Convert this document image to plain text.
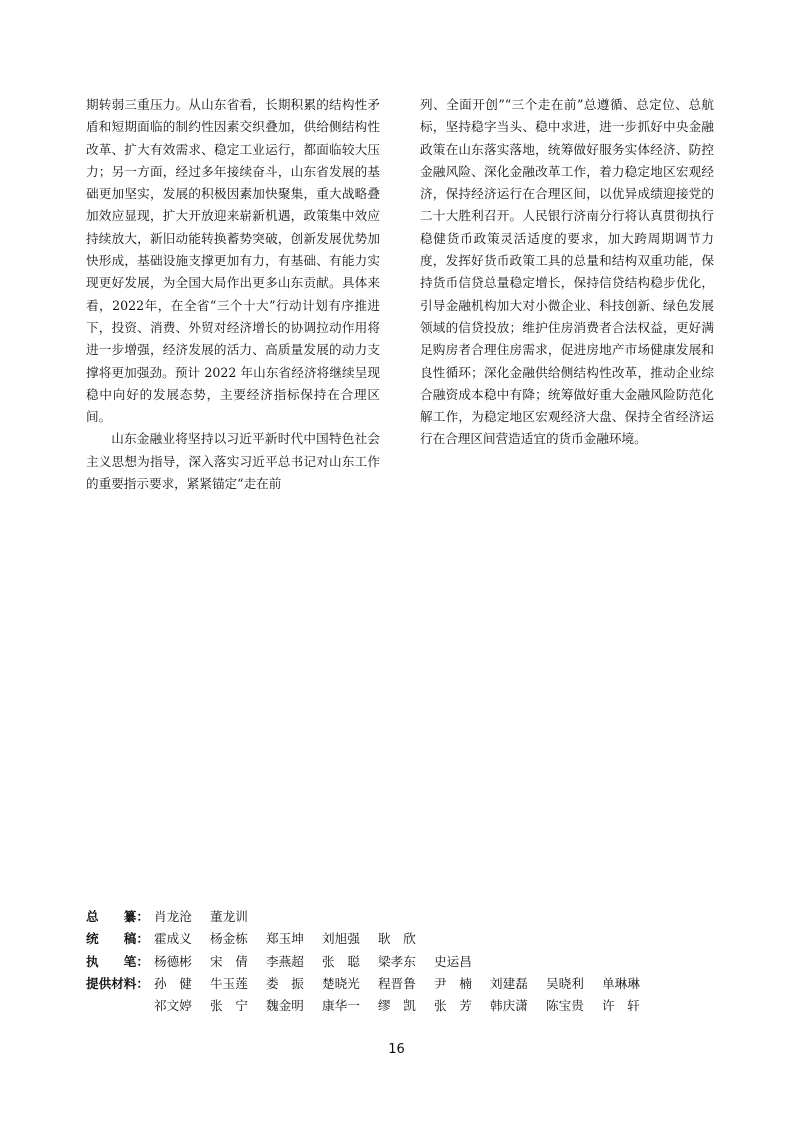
期转弱三重压力。从山东省看，长期积累的结构性矛盾和短期面临的制约性因素交织叠加，供给侧结构性改革、扩大有效需求、稳定工业运行，都面临较大压力；另一方面，经过多年接续奋斗，山东省发展的基础更加坚实，发展的积极因素加快聚集，重大战略叠加效应显现，扩大开放迎来崭新机遇，政策集中效应持续放大，新旧动能转换蓄势突破，创新发展优势加快形成，基础设施支撑更加有力，有基础、有能力实现更好发展，为全国大局作出更多山东贡献。具体来看，2022年，在全省“三个十大”行动计划有序推进下，投资、消费、外贸对经济增长的协调拉动作用将进一步增强，经济发展的活力、高质量发展的动力支撑将更加强劲。预计 2022 年山东省经济将继续呈现稳中向好的发展态势，主要经济指标保持在合理区间。

山东金融业将坚持以习近平新时代中国特色社会主义思想为指导，深入落实习近平总书记对山东工作的重要指示要求，紧紧锚定“走在前

列、全面开创”“三个走在前”总遵循、总定位、总航标，坚持稳字当头、稳中求进，进一步抓好中央金融政策在山东落实落地，统筹做好服务实体经济、防控金融风险、深化金融改革工作，着力稳定地区宏观经济，保持经济运行在合理区间，以优异成绩迎接党的二十大胜利召开。人民银行济南分行将认真贯彻执行稳健货币政策灵活适度的要求，加大跨周期调节力度，发挥好货币政策工具的总量和结构双重功能，保持货币信贷总量稳定增长，保持信贷结构稳步优化，引导金融机构加大对小微企业、科技创新、绿色发展领域的信贷投放；维护住房消费者合法权益，更好满足购房者合理住房需求，促进房地产市场健康发展和良性循环；深化金融供给侧结构性改革，推动企业综合融资成本稳中有降；统筹做好重大金融风险防范化解工作，为稳定地区宏观经济大盘、保持全省经济运行在合理区间营造适宜的货币金融环境。

总　　纂： 肖龙沧	董龙训
统　　稿： 霍成义	杨金栋	郑玉坤	刘旭强	耿　欣
执　　笔： 杨德彬	宋　倩	李燕超	张　聪	梁孝东	史运昌
提供材料： 孙　健	牛玉莲	娄　振	楚晓光	程晋鲁	尹　楠	刘建磊	吴晓利	单琳琳
祁文婷	张　宁	魏金明	康华一	缪　凯	张　芳	韩庆潇	陈宝贵	许　轩
16
